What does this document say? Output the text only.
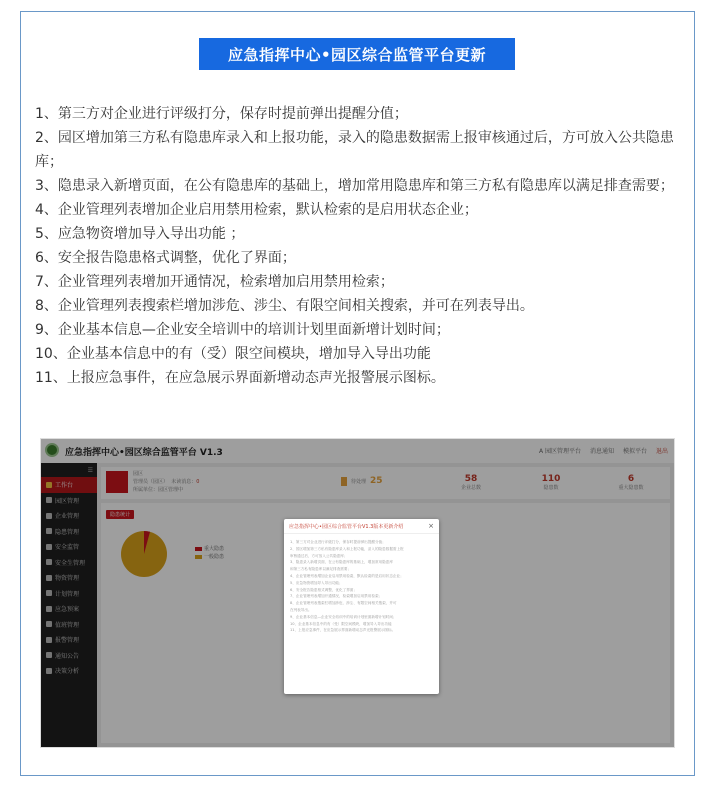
应急指挥中心•园区综合监管平台更新

1、第三方对企业进行评级打分，保存时提前弹出提醒分值；

2、园区增加第三方私有隐患库录入和上报功能，录入的隐患数据需上报审核通过后，方可放入公共隐患库；

3、隐患录入新增页面，在公有隐患库的基础上，增加常用隐患库和第三方私有隐患库以满足排查需要；

4、企业管理列表增加企业启用禁用检索，默认检索的是启用状态企业；

5、应急物资增加导入导出功能 ；

6、安全报告隐患格式调整，优化了界面；

7、企业管理列表增加开通情况，检索增加启用禁用检索；

8、企业管理列表搜索栏增加涉危、涉尘、有限空间相关搜索，并可在列表导出。

9、企业基本信息—企业安全培训中的培训计划里面新增计划时间；

10、企业基本信息中的有（受）限空间模块，增加导入导出功能

11、上报应急事件，在应急展示界面新增动态声光报警展示图标。

应急指挥中心•园区综合监管平台 V1.3	A 园区管理平台 消息通知 模拟平台 退出
☰
工作台
园区管理
企业管理
隐患管理
安全监管
安全生管理
物资管理
计划管理
应急预案
值班管理
报警管理
通知公告
决策分析
园区
管理员（园区） 未读消息：0
所属单位：园区管理中
待处理 25	58
企业总数
110
隐患数
6
重大隐患数
隐患统计
重大隐患
一般隐患
应急指挥中心•园区综合监管平台V1.3版本更新介绍	×

1、第三方对企业进行评级打分，保存时提前弹出提醒分值；

2、园区增加第三方私有隐患库录入和上报功能，录入的隐患数据需上报

审核通过后，方可放入公共隐患库；

3、隐患录入新增页面，在公有隐患库的基础上，增加常用隐患库

和第三方私有隐患库以满足排查需要；

4、企业管理列表增加企业启用禁用检索，默认检索的是启用状态企业；

5、应急物资增加导入导出功能；

6、安全报告隐患格式调整，优化了界面；

7、企业管理列表增加开通情况，检索增加启用禁用检索；

8、企业管理列表搜索栏增加涉危、涉尘、有限空间相关搜索，并可

在列表导出。

9、企业基本信息—企业安全培训中的培训计划里面新增计划时间；

10、企业基本信息中的有（受）限空间模块，增加导入导出功能

11、上报应急事件，在应急展示界面新增动态声光报警展示图标。
